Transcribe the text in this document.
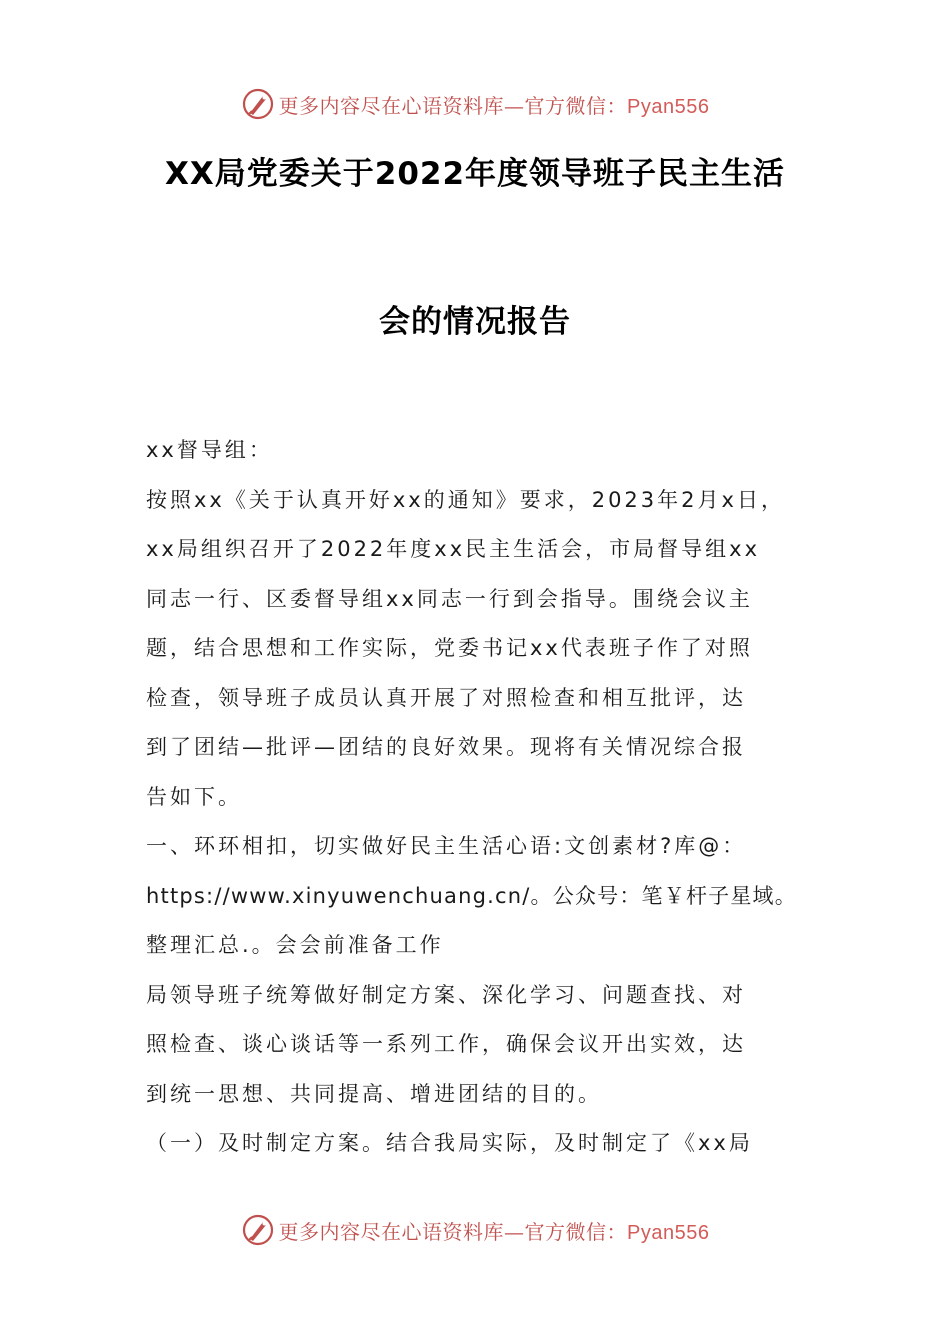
更多内容尽在心语资料库—官方微信：Pyan556
XX局党委关于2022年度领导班子民主生活
会的情况报告
xx督导组：
按照xx《关于认真开好xx的通知》要求，2023年2月x日，
xx局组织召开了2022年度xx民主生活会，市局督导组xx
同志一行、区委督导组xx同志一行到会指导。围绕会议主
题，结合思想和工作实际，党委书记xx代表班子作了对照
检查，领导班子成员认真开展了对照检查和相互批评，达
到了团结—批评—团结的良好效果。现将有关情况综合报
告如下。
一、环环相扣，切实做好民主生活心语:文创素材?库@：
https://www.xinyuwenchuang.cn/。公众号：笔￥杆子星域。
整理汇总.。会会前准备工作
局领导班子统筹做好制定方案、深化学习、问题查找、对
照检查、谈心谈话等一系列工作，确保会议开出实效，达
到统一思想、共同提高、增进团结的目的。
（一）及时制定方案。结合我局实际，及时制定了《xx局
更多内容尽在心语资料库—官方微信：Pyan556
